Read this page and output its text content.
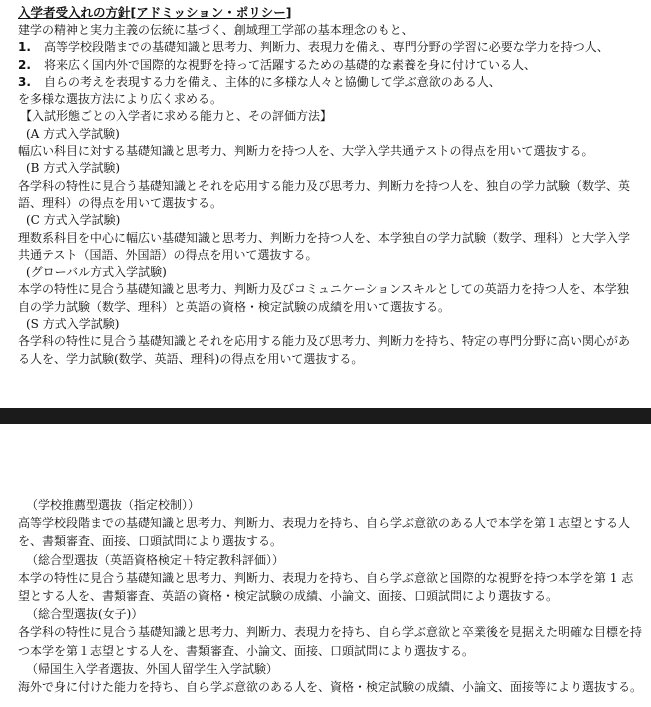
入学者受入れの方針[アドミッション・ポリシー]
建学の精神と実力主義の伝統に基づく、創域理工学部の基本理念のもと、
1. 高等学校段階までの基礎知識と思考力、判断力、表現力を備え、専門分野の学習に必要な学力を持つ人、
2. 将来広く国内外で国際的な視野を持って活躍するための基礎的な素養を身に付けている人、
3. 自らの考えを表現する力を備え、主体的に多様な人々と協働して学ぶ意欲のある人、
を多様な選抜方法により広く求める。
【入試形態ごとの入学者に求める能力と、その評価方法】
(A 方式入学試験)
幅広い科目に対する基礎知識と思考力、判断力を持つ人を、大学入学共通テストの得点を用いて選抜する。
(B 方式入学試験)
各学科の特性に見合う基礎知識とそれを応用する能力及び思考力、判断力を持つ人を、独自の学力試験（数学、英語、理科）の得点を用いて選抜する。
(C 方式入学試験)
理数系科目を中心に幅広い基礎知識と思考力、判断力を持つ人を、本学独自の学力試験（数学、理科）と大学入学共通テスト（国語、外国語）の得点を用いて選抜する。
(グローバル方式入学試験)
本学の特性に見合う基礎知識と思考力、判断力及びコミュニケーションスキルとしての英語力を持つ人を、本学独自の学力試験（数学、理科）と英語の資格・検定試験の成績を用いて選抜する。
(S 方式入学試験)
各学科の特性に見合う基礎知識とそれを応用する能力及び思考力、判断力を持ち、特定の専門分野に高い関心がある人を、学力試験(数学、英語、理科)の得点を用いて選抜する。
（学校推薦型選抜（指定校制））
高等学校段階までの基礎知識と思考力、判断力、表現力を持ち、自ら学ぶ意欲のある人で本学を第１志望とする人を、書類審査、面接、口頭試問により選抜する。
（総合型選抜（英語資格検定＋特定教科評価））
本学の特性に見合う基礎知識と思考力、判断力、表現力を持ち、自ら学ぶ意欲と国際的な視野を持つ本学を第 1 志望とする人を、書類審査、英語の資格・検定試験の成績、小論文、面接、口頭試問により選抜する。
（総合型選抜(女子)）
各学科の特性に見合う基礎知識と思考力、判断力、表現力を持ち、自ら学ぶ意欲と卒業後を見据えた明確な目標を持つ本学を第１志望とする人を、書類審査、小論文、面接、口頭試問により選抜する。
（帰国生入学者選抜、外国人留学生入学試験）
海外で身に付けた能力を持ち、自ら学ぶ意欲のある人を、資格・検定試験の成績、小論文、面接等により選抜する。
